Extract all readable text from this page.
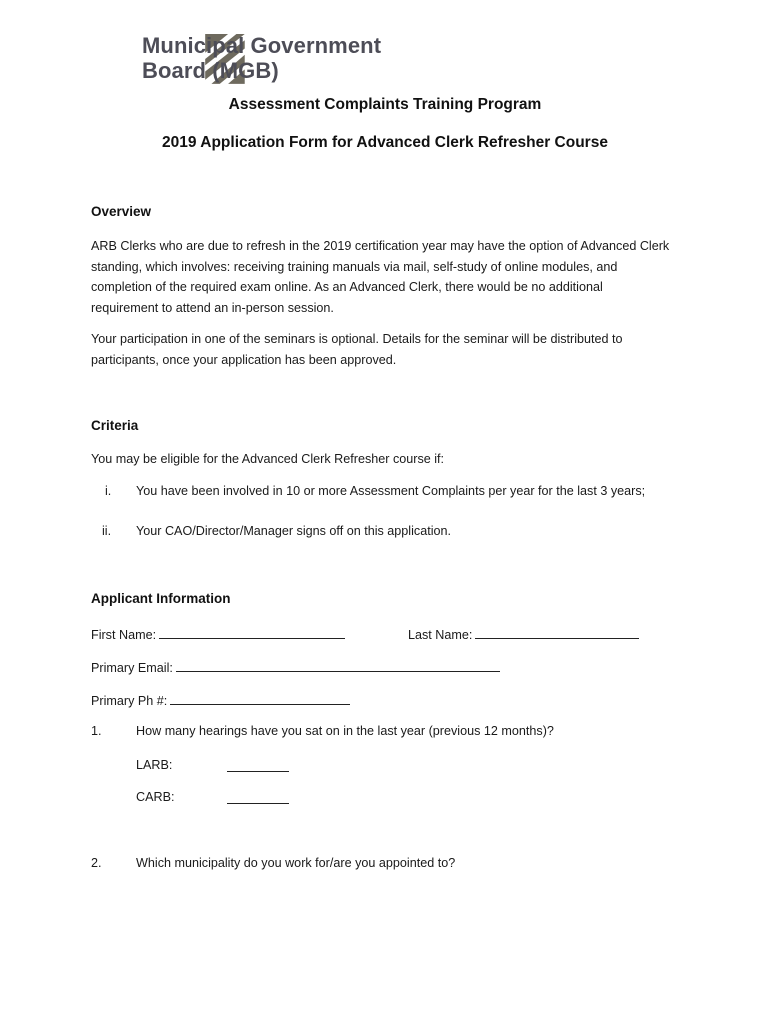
Municipal Government
Board (MGB)
Assessment Complaints Training Program
2019 Application Form for Advanced Clerk Refresher Course
Overview
ARB Clerks who are due to refresh in the 2019 certification year may have the option of Advanced Clerk
standing, which involves: receiving training manuals via mail, self-study of online modules, and
completion of the required exam online. As an Advanced Clerk, there would be no additional
requirement to attend an in-person session.
Your participation in one of the seminars is optional. Details for the seminar will be distributed to
participants, once your application has been approved.
Criteria
You may be eligible for the Advanced Clerk Refresher course if:
i. You have been involved in 10 or more Assessment Complaints per year for the last 3 years;
ii. Your CAO/Director/Manager signs off on this application.
Applicant Information
First Name:	Last Name:
Primary Email:
Primary Ph #:
1.	How many hearings have you sat on in the last year (previous 12 months)?
LARB:
CARB:
2.	Which municipality do you work for/are you appointed to?
